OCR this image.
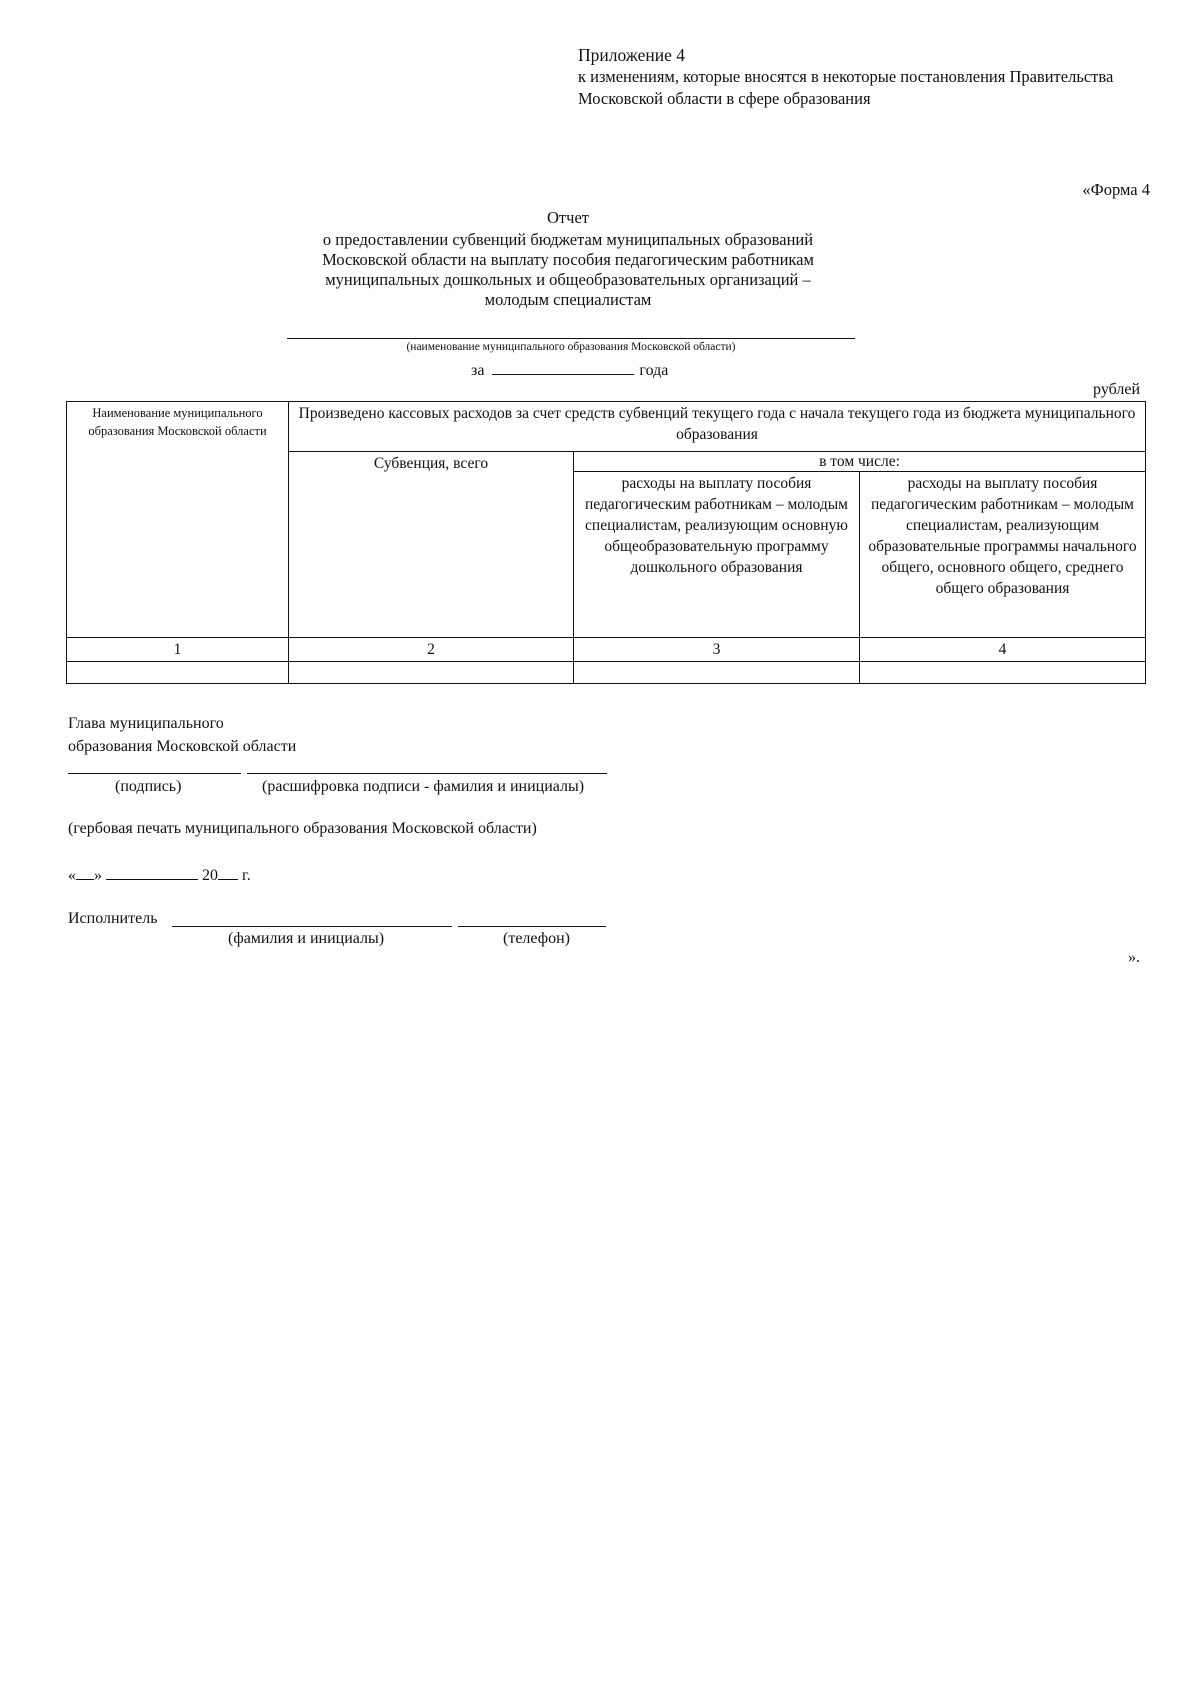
Приложение 4
к изменениям, которые вносятся в некоторые постановления Правительства
Московской области в сфере образования
«Форма 4
Отчет
о предоставлении субвенций бюджетам муниципальных образований
Московской области на выплату пособия педагогическим работникам
муниципальных дошкольных и общеобразовательных организаций –
молодым специалистам
(наименование муниципального образования Московской области)
за	года
рублей
Наименование муниципального образования Московской области	Произведено кассовых расходов за счет средств субвенций текущего года с начала текущего года из бюджета муниципального образования		
	Субвенция, всего	в том числе:	
		расходы на выплату пособия педагогическим работникам – молодым специалистам, реализующим основную общеобразовательную программу дошкольного образования	расходы на выплату пособия педагогическим работникам – молодым специалистам, реализующим образовательные программы начального общего, основного общего, среднего общего образования
1	2	3	4

Глава муниципального
образования Московской области
(подпись)	(расшифровка подписи - фамилия и инициалы)
(гербовая печать муниципального образования Московской области)
« »	20 г.
Исполнитель
(фамилия и инициалы)	(телефон)
».
